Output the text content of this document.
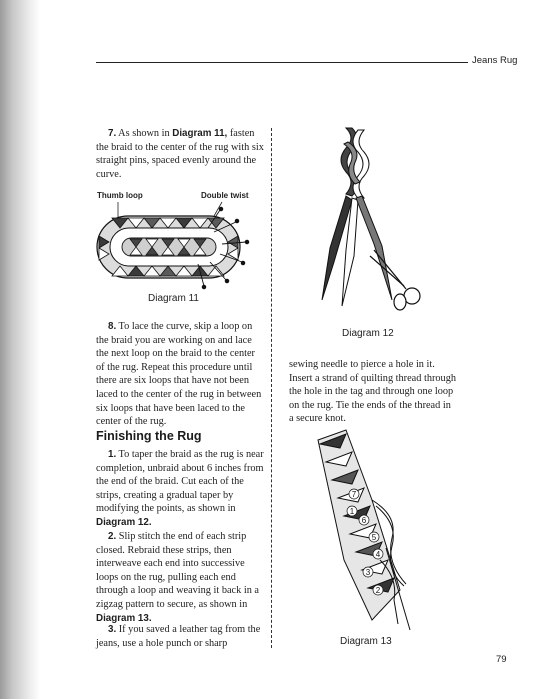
Jeans Rug

7. As shown in Diagram 11, fasten the braid to the center of the rug with six straight pins, spaced evenly around the curve.

Thumb loop	Double twist
Diagram 11

8. To lace the curve, skip a loop on the braid you are working on and lace the next loop on the braid to the center of the rug. Repeat this procedure until there are six loops that have not been laced to the center of the rug in between six loops that have been laced to the center of the rug.

Finishing the Rug

1. To taper the braid as the rug is near completion, unbraid about 6 inches from the end of the braid. Cut each of the strips, creating a gradual taper by modifying the points, as shown in Diagram 12.

2. Slip stitch the end of each strip closed. Rebraid these strips, then interweave each end into successive loops on the rug, pulling each end through a loop and weaving it back in a zigzag pattern to secure, as shown in Diagram 13.

3. If you saved a leather tag from the jeans, use a hole punch or sharp

Diagram 12

sewing needle to pierce a hole in it. Insert a strand of quilting thread through the hole in the tag and through one loop on the rug. Tie the ends of the thread in a secure knot.

2
3
4
5
6
1
7
Diagram 13
79
